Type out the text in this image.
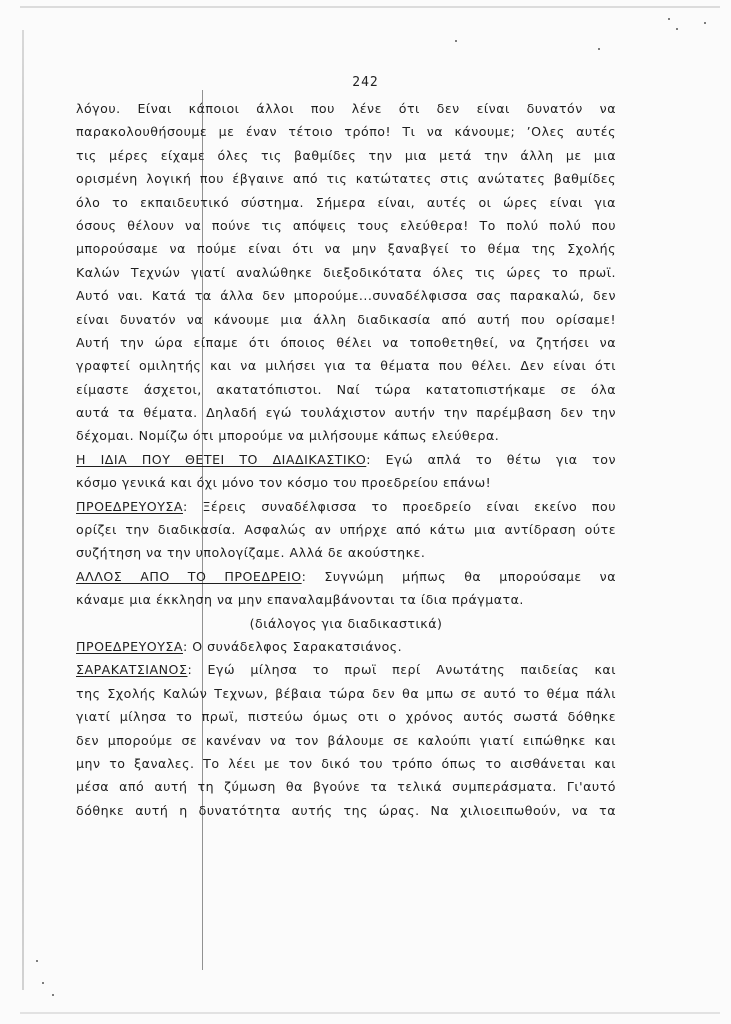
242
λόγου. Είναι κάποιοι άλλοι που λένε ότι δεν είναι δυνατόν να
παρακολουθήσουμε με έναν τέτοιο τρόπο! Τι να κάνουμε; ’Ολες αυτές
τις μέρες είχαμε όλες τις βαθμίδες την μια μετά την άλλη με μια
ορισμένη λογική που έβγαινε από τις κατώτατες στις ανώτατες βαθμίδες
όλο το εκπαιδευτικό σύστημα. Σήμερα είναι, αυτές οι ώρες είναι για
όσους θέλουν να πούνε τις απόψεις τους ελεύθερα! Το πολύ πολύ που
μπορούσαμε να πούμε είναι ότι να μην ξαναβγεί το θέμα της Σχολής
Καλών Τεχνών γιατί αναλώθηκε διεξοδικότατα όλες τις ώρες το πρωϊ.
Αυτό ναι. Κατά τα άλλα δεν μπορούμε...συναδέλφισσα σας παρακαλώ, δεν
είναι δυνατόν να κάνουμε μια άλλη διαδικασία από αυτή που ορίσαμε!
Αυτή την ώρα είπαμε ότι όποιος θέλει να τοποθετηθεί, να ζητήσει να
γραφτεί ομιλητής και να μιλήσει για τα θέματα που θέλει. Δεν είναι ότι
είμαστε άσχετοι, ακατατόπιστοι. Ναί τώρα κατατοπιστήκαμε σε όλα
αυτά τα θέματα. Δηλαδή εγώ τουλάχιστον αυτήν την παρέμβαση δεν την
δέχομαι. Νομίζω ότι μπορούμε να μιλήσουμε κάπως ελεύθερα.
Η ΙΔΙΑ ΠΟΥ ΘΕΤΕΙ ΤΟ ΔΙΑΔΙΚΑΣΤΙΚΟ: Εγώ απλά το θέτω για τον
κόσμο γενικά και όχι μόνο τον κόσμο του προεδρείου επάνω!
ΠΡΟΕΔΡΕΥΟΥΣΑ: Ξέρεις συναδέλφισσα το προεδρείο είναι εκείνο που
ορίζει την διαδικασία. Ασφαλώς αν υπήρχε από κάτω μια αντίδραση ούτε
συζήτηση να την υπολογίζαμε. Αλλά δε ακούστηκε.
ΑΛΛΟΣ ΑΠΟ ΤΟ ΠΡΟΕΔΡΕΙΟ: Συγνώμη μήπως θα μπορούσαμε να
κάναμε μια έκκληση να μην επαναλαμβάνονται τα ίδια πράγματα.
(διάλογος για διαδικαστικά)
ΠΡΟΕΔΡΕΥΟΥΣΑ: Ο συνάδελφος Σαρακατσιάνος.
ΣΑΡΑΚΑΤΣΙΑΝΟΣ: Εγώ μίλησα το πρωϊ περί Ανωτάτης παιδείας και
της Σχολής Καλών Τεχνων, βέβαια τώρα δεν θα μπω σε αυτό το θέμα πάλι
γιατί μίλησα το πρωϊ, πιστεύω όμως οτι ο χρόνος αυτός σωστά δόθηκε
δεν μπορούμε σε κανέναν να τον βάλουμε σε καλούπι γιατί ειπώθηκε και
μην το ξαναλες. Το λέει με τον δικό του τρόπο όπως το αισθάνεται και
μέσα από αυτή τη ζύμωση θα βγούνε τα τελικά συμπεράσματα. Γι'αυτό
δόθηκε αυτή η δυνατότητα αυτής της ώρας. Να χιλιοειπωθούν, να τα
